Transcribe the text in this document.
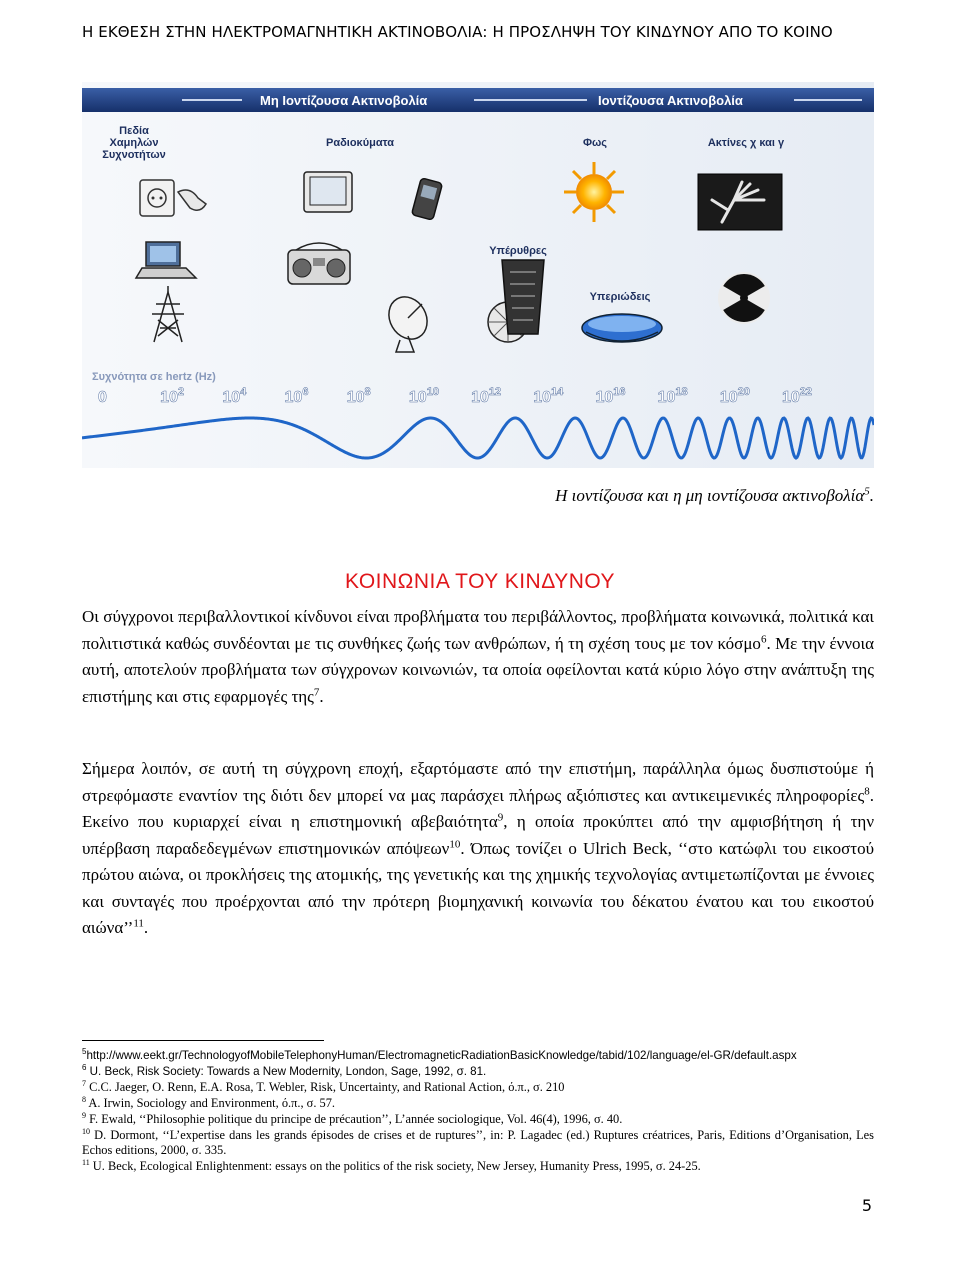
Η ΕΚΘΕΣΗ ΣΤΗΝ ΗΛΕΚΤΡΟΜΑΓΝΗΤΙΚΗ ΑΚΤΙΝΟΒΟΛΙΑ: Η ΠΡΟΣΛΗΨΗ ΤΟΥ ΚΙΝΔΥΝΟΥ ΑΠΟ ΤΟ ΚΟΙΝΟ
Μη Ιοντίζουσα Ακτινοβολία	Ιοντίζουσα Ακτινοβολία
Πεδία
Χαμηλών
Συχνοτήτων
Ραδιοκύματα	Φως
Υπέρυθρες
Υπεριώδεις
Ακτίνες χ και γ
Συχνότητα σε hertz (Hz)
0	$10^2$ $10^4$ $10^6$ $10^8$ $10^{10}$ $10^{12}$ $10^{14}$ $10^{16}$ $10^{18}$ $10^{20}$ $10^{22}$
Η ιοντίζουσα και η μη ιοντίζουσα ακτινοβολία$^5$.
ΚΟΙΝΩΝΙΑ ΤΟΥ ΚΙΝΔΥΝΟΥ
Οι σύγχρονοι περιβαλλοντικοί κίνδυνοι είναι προβλήματα του περιβάλλοντος, προβλήματα κοινωνικά, πολιτικά και πολιτιστικά καθώς συνδέονται με τις συνθήκες ζωής των ανθρώπων, ή τη σχέση τους με τον κόσμο$^6$. Με την έννοια αυτή, αποτελούν προβλήματα των σύγχρονων κοινωνιών, τα οποία οφείλονται κατά κύριο λόγο στην ανάπτυξη της επιστήμης και στις εφαρμογές της$^7$.
Σήμερα λοιπόν, σε αυτή τη σύγχρονη εποχή, εξαρτόμαστε από την επιστήμη, παράλληλα όμως δυσπιστούμε ή στρεφόμαστε εναντίον της διότι δεν μπορεί να μας παράσχει πλήρως αξιόπιστες και αντικειμενικές πληροφορίες$^8$. Εκείνο που κυριαρχεί είναι η επιστημονική αβεβαιότητα$^9$, η οποία προκύπτει από την αμφισβήτηση ή την υπέρβαση παραδεδεγμένων επιστημονικών απόψεων$^{10}$. Όπως τονίζει ο Ulrich Beck, ‘‘στο κατώφλι του εικοστού πρώτου αιώνα, οι προκλήσεις της ατομικής, της γενετικής και της χημικής τεχνολογίας αντιμετωπίζονται με έννοιες και συνταγές που προέρχονται από την πρότερη βιομηχανική κοινωνία του δέκατου ένατου και του εικοστού αιώνα’’$^{11}$.
$^5$http://www.eekt.gr/TechnologyofMobileTelephonyHuman/ElectromagneticRadiationBasicKnowledge/tabid/102/language/el-GR/default.aspx
$^6$ U. Beck, Risk Society: Towards a New Modernity, London, Sage, 1992, σ. 81.
$^7$ C.C. Jaeger, O. Renn, E.A. Rosa, T. Webler, Risk, Uncertainty, and Rational Action, ό.π., σ. 210
$^8$ A. Irwin, Sociology and Environment, ό.π., σ. 57.
$^9$ F. Ewald, ‘‘Philosophie politique du principe de précaution’’, L’année sociologique, Vol. 46(4), 1996, σ. 40.
$^{10}$ D. Dormont, ‘‘L’expertise dans les grands épisodes de crises et de ruptures’’, in: P. Lagadec (ed.) Ruptures créatrices, Paris, Editions d’Organisation, Les Echos editions, 2000, σ. 335.
$^{11}$ U. Beck, Ecological Enlightenment: essays on the politics of the risk society, New Jersey, Humanity Press, 1995, σ. 24-25.
5
